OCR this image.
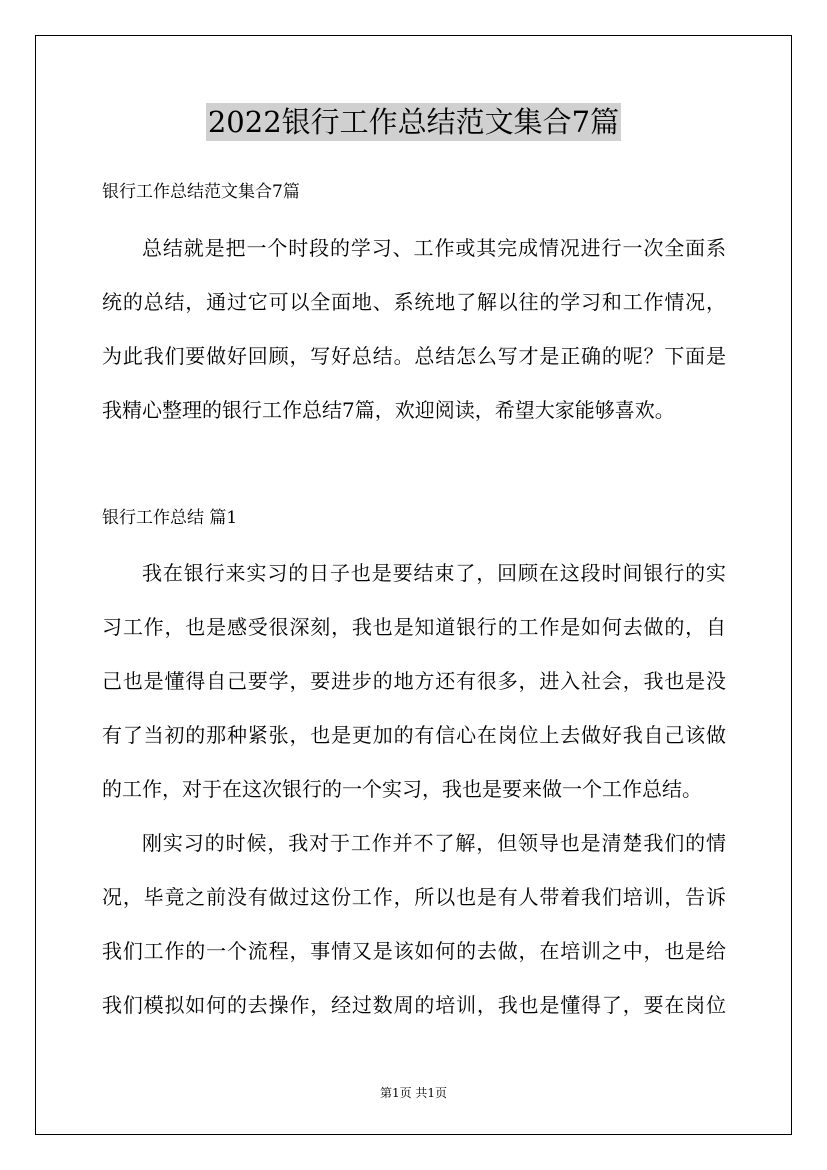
2022银行工作总结范文集合7篇
银行工作总结范文集合7篇
总结就是把一个时段的学习、工作或其完成情况进行一次全面系
统的总结，通过它可以全面地、系统地了解以往的学习和工作情况，
为此我们要做好回顾，写好总结。总结怎么写才是正确的呢？下面是
我精心整理的银行工作总结7篇，欢迎阅读，希望大家能够喜欢。
银行工作总结 篇1
我在银行来实习的日子也是要结束了，回顾在这段时间银行的实
习工作，也是感受很深刻，我也是知道银行的工作是如何去做的，自
己也是懂得自己要学，要进步的地方还有很多，进入社会，我也是没
有了当初的那种紧张，也是更加的有信心在岗位上去做好我自己该做
的工作，对于在这次银行的一个实习，我也是要来做一个工作总结。
刚实习的时候，我对于工作并不了解，但领导也是清楚我们的情
况，毕竟之前没有做过这份工作，所以也是有人带着我们培训，告诉
我们工作的一个流程，事情又是该如何的去做，在培训之中，也是给
我们模拟如何的去操作，经过数周的培训，我也是懂得了，要在岗位
第1页 共1页
